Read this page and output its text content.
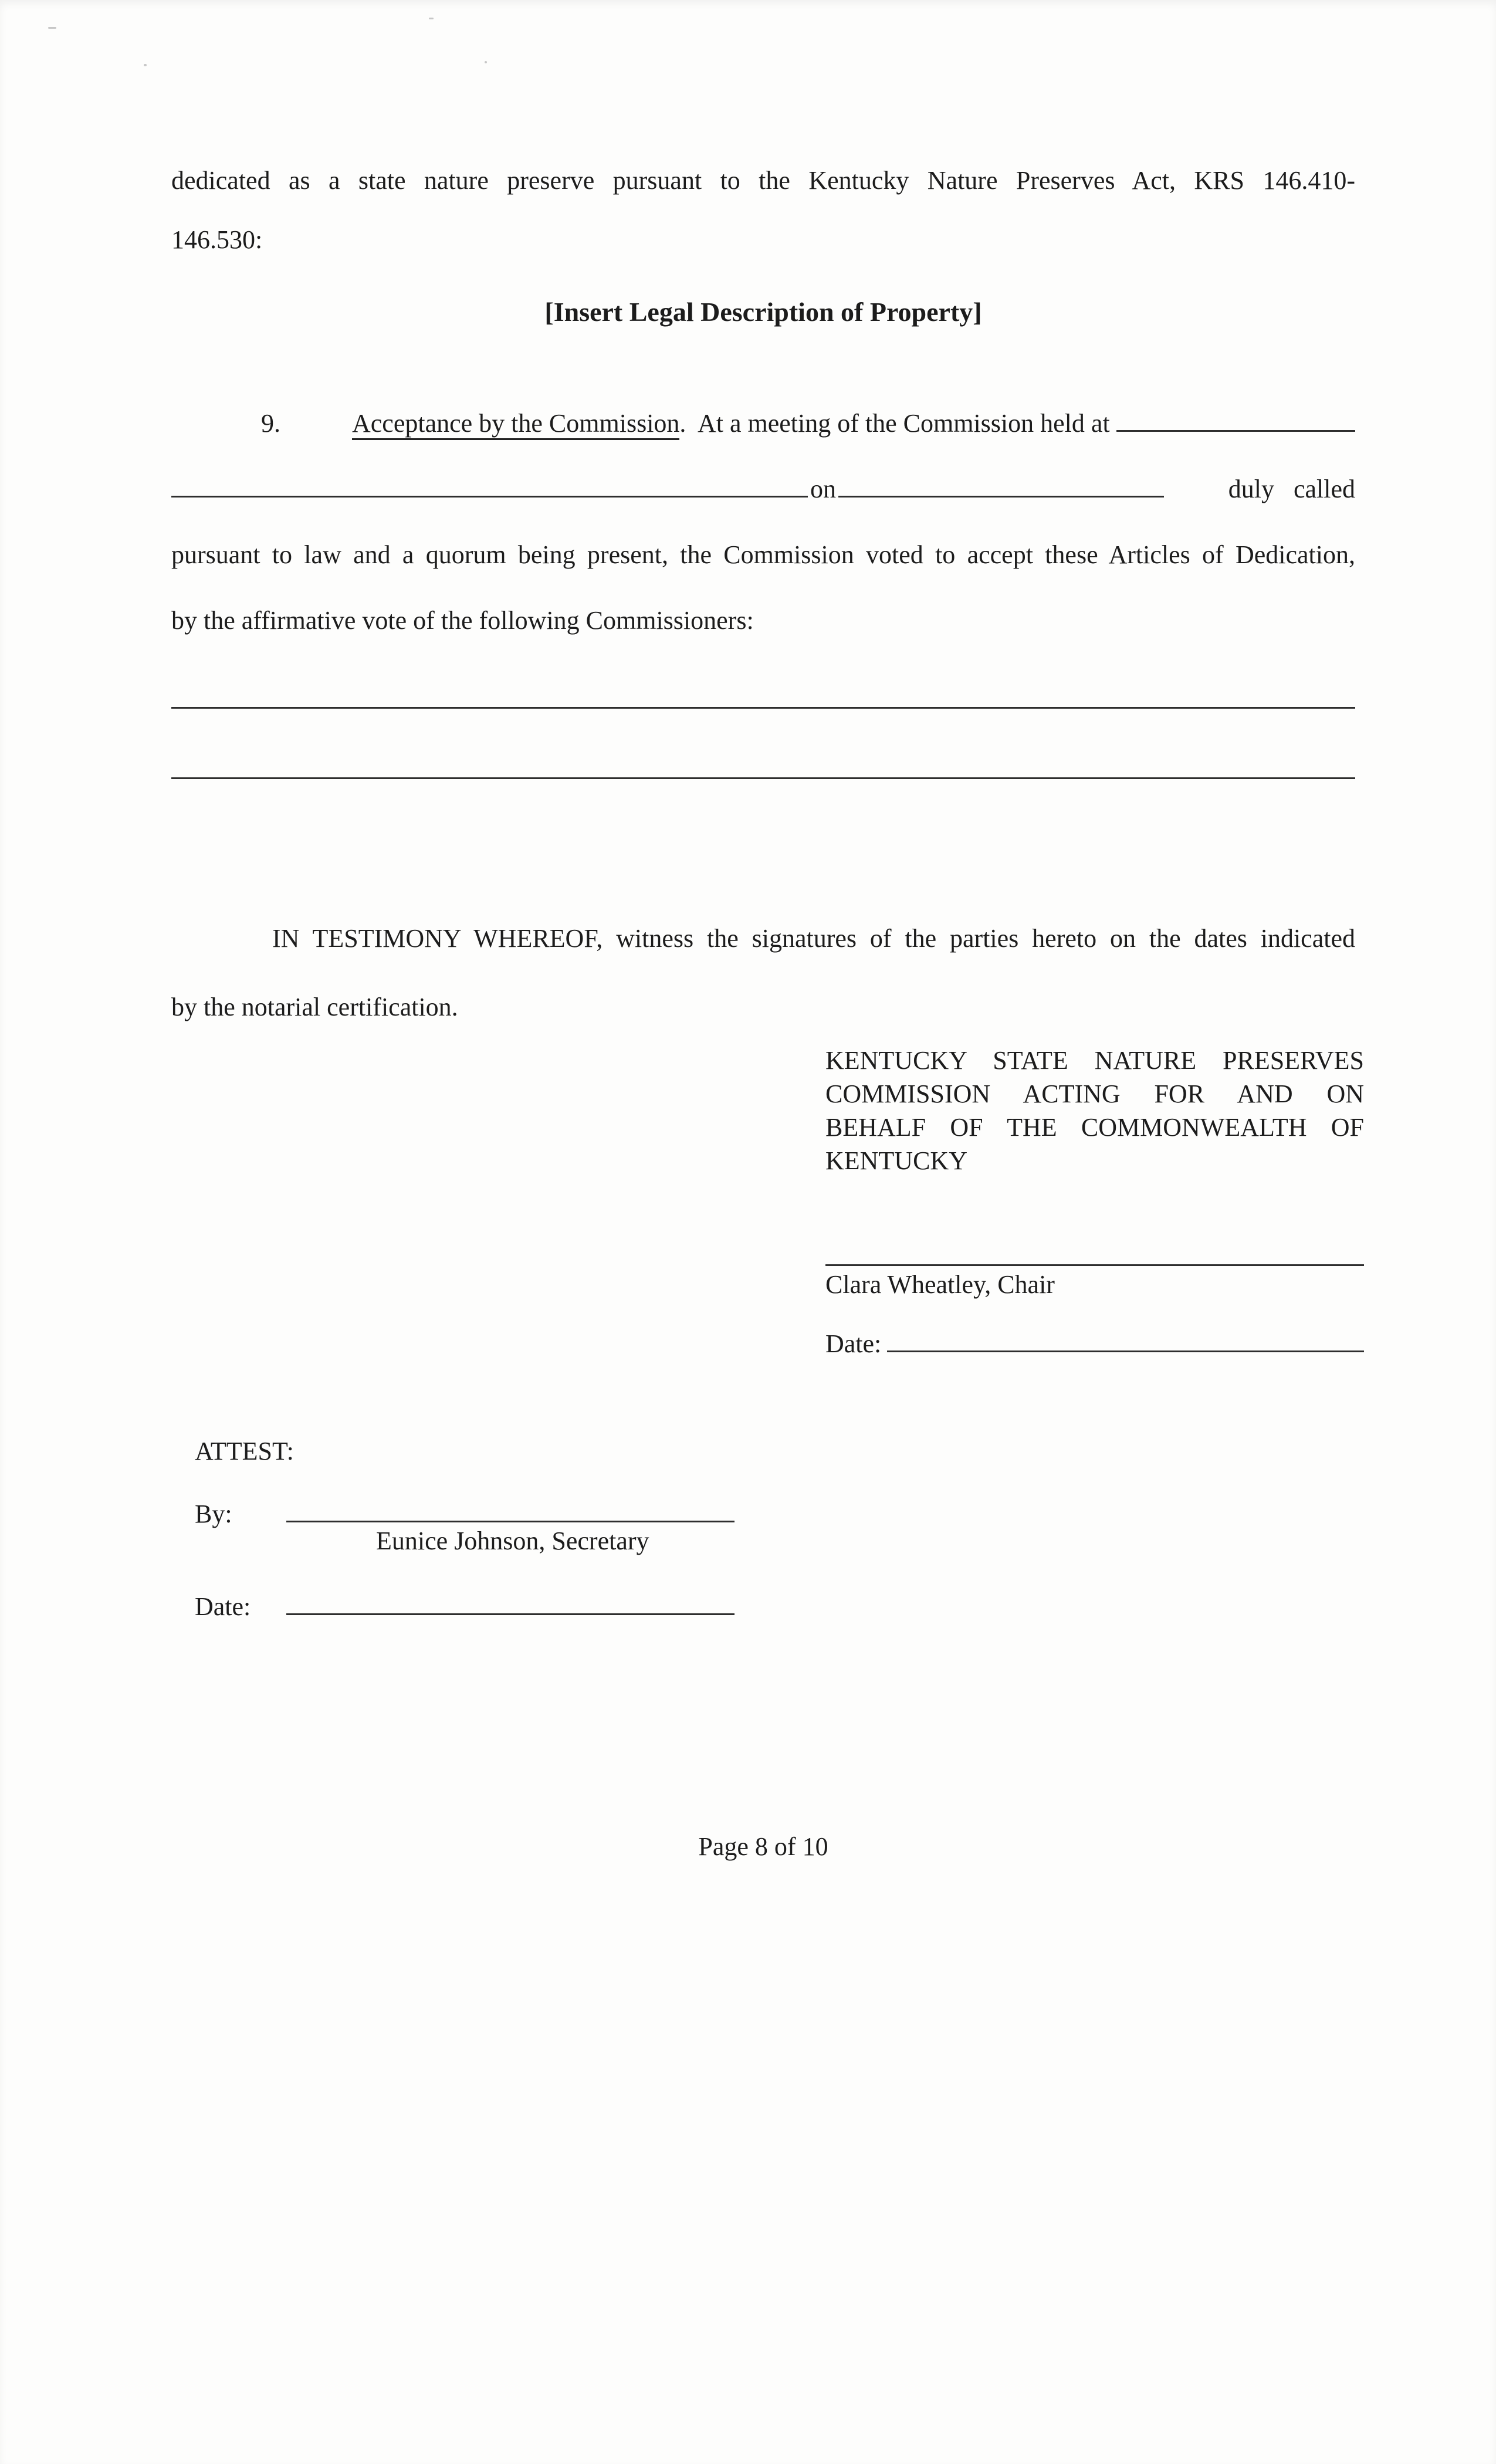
dedicated as a state nature preserve pursuant to the Kentucky Nature Preserves Act, KRS 146.410-
146.530:
[Insert Legal Description of Property]
9.	Acceptance by the Commission.  At a meeting of the Commission held at
on	duly called
pursuant to law and a quorum being present, the Commission voted to accept these Articles of Dedication,
by the affirmative vote of the following Commissioners:
IN TESTIMONY WHEREOF, witness the signatures of the parties hereto on the dates indicated
by the notarial certification.
KENTUCKY STATE NATURE PRESERVES
COMMISSION ACTING FOR AND ON
BEHALF OF THE COMMONWEALTH OF
KENTUCKY
Clara Wheatley, Chair
Date:
ATTEST:
By:
Eunice Johnson, Secretary
Date:
Page 8 of 10
